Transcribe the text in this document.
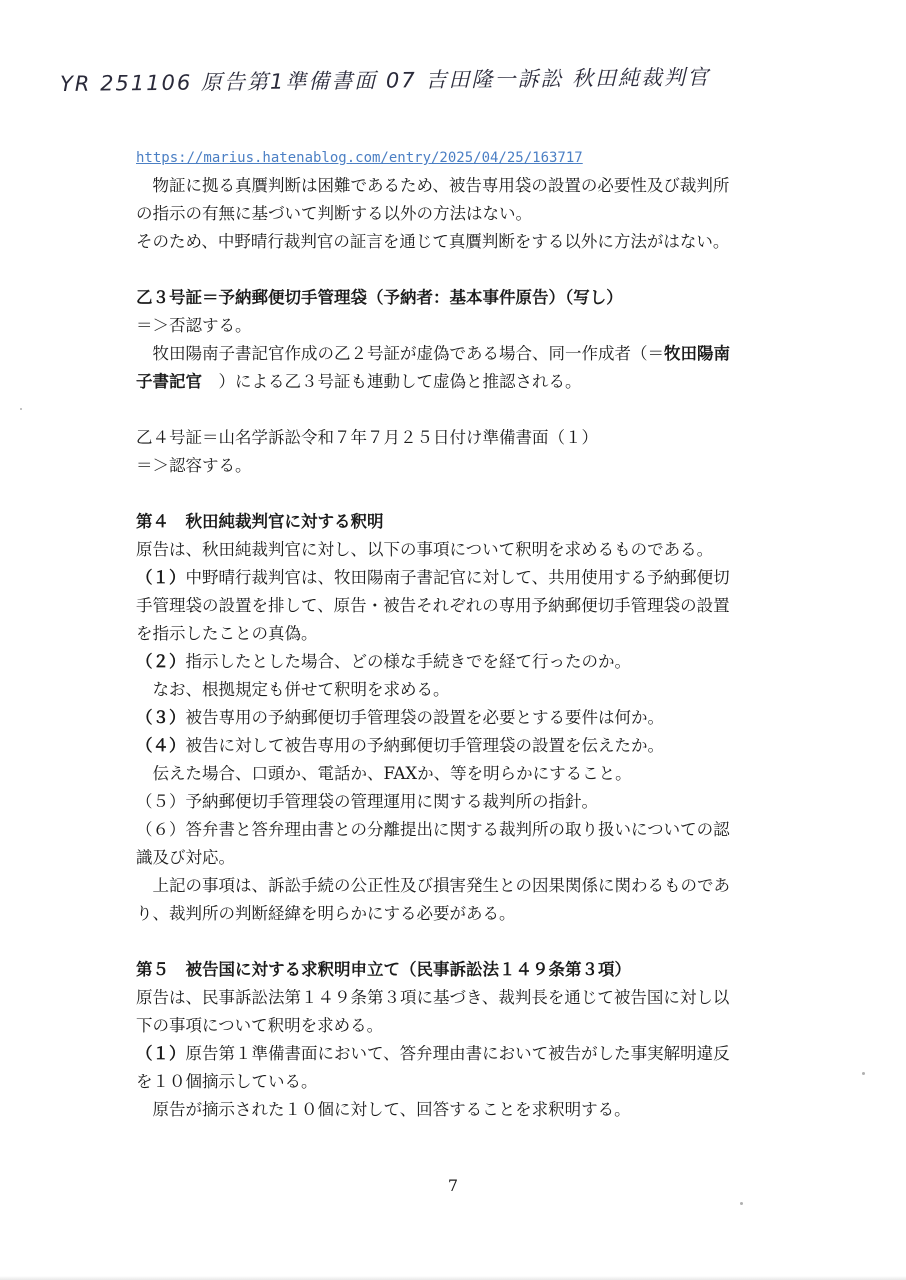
YR 251106 原告第1準備書面 07 吉田隆一訴訟 秋田純裁判官
https://marius.hatenablog.com/entry/2025/04/25/163717

物証に拠る真贋判断は困難であるため、被告専用袋の設置の必要性及び裁判所

の指示の有無に基づいて判断する以外の方法はない。

そのため、中野晴行裁判官の証言を通じて真贋判断をする以外に方法がはない。

乙３号証＝予納郵便切手管理袋（予納者：基本事件原告）（写し）

＝＞否認する。

牧田陽南子書記官作成の乙２号証が虚偽である場合、同一作成者（＝牧田陽南

子書記官　）による乙３号証も連動して虚偽と推認される。

乙４号証＝山名学訴訟令和７年７月２５日付け準備書面（１）

＝＞認容する。

第４　秋田純裁判官に対する釈明

原告は、秋田純裁判官に対し、以下の事項について釈明を求めるものである。

（１）中野晴行裁判官は、牧田陽南子書記官に対して、共用使用する予納郵便切

手管理袋の設置を排して、原告・被告それぞれの専用予納郵便切手管理袋の設置

を指示したことの真偽。

（２）指示したとした場合、どの様な手続きでを経て行ったのか。

なお、根拠規定も併せて釈明を求める。

（３）被告専用の予納郵便切手管理袋の設置を必要とする要件は何か。

（４）被告に対して被告専用の予納郵便切手管理袋の設置を伝えたか。

伝えた場合、口頭か、電話か、FAXか、等を明らかにすること。

（５）予納郵便切手管理袋の管理運用に関する裁判所の指針。

（６）答弁書と答弁理由書との分離提出に関する裁判所の取り扱いについての認

識及び対応。

上記の事項は、訴訟手続の公正性及び損害発生との因果関係に関わるものであ

り、裁判所の判断経緯を明らかにする必要がある。

第５　被告国に対する求釈明申立て（民事訴訟法１４９条第３項）

原告は、民事訴訟法第１４９条第３項に基づき、裁判長を通じて被告国に対し以

下の事項について釈明を求める。

（１）原告第１準備書面において、答弁理由書において被告がした事実解明違反

を１０個摘示している。

原告が摘示された１０個に対して、回答することを求釈明する。

7
